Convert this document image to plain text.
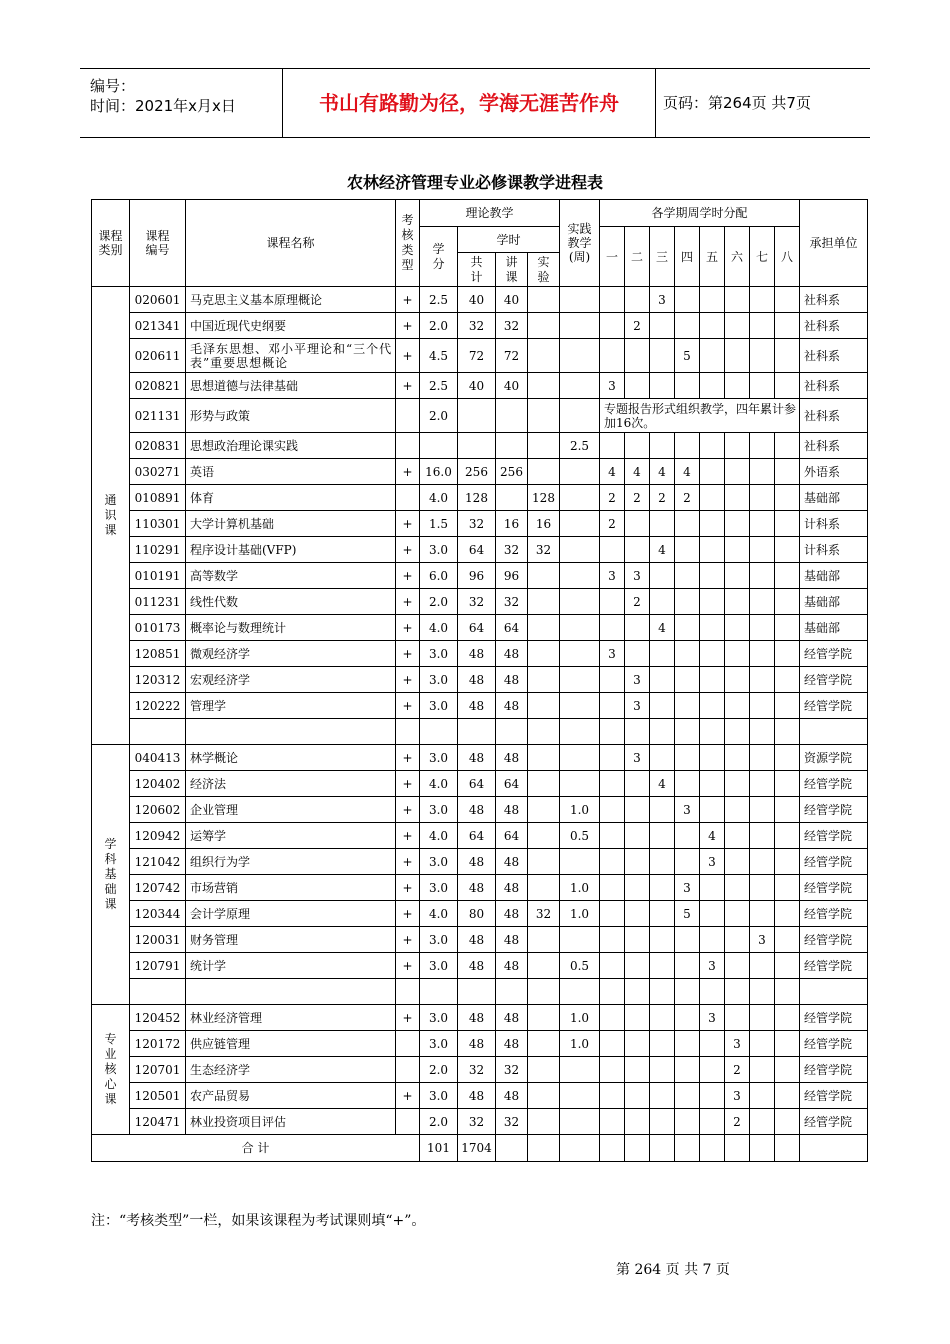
编号：
时间：2021年x月x日	书山有路勤为径，学海无涯苦作舟	页码：第264页 共7页
农林经济管理专业必修课教学进程表
课程类别	课程编号	课程名称	考核类型	理论教学				实践教学(周)	各学期周学时分配								承担单位
				学分	学时				一	二	三	四	五	六	七	八	
					共计	讲课	实验										
通识课	020601	马克思主义基本原理概论	+	2.5	40	40					3						社科系
	021341	中国近现代史纲要	+	2.0	32	32				2							社科系
	020611	毛泽东思想、邓小平理论和“三个代表”重要思想概论	+	4.5	72	72						5					社科系
	020821	思想道德与法律基础	+	2.5	40	40			3								社科系
	021131	形势与政策		2.0					专题报告形式组织教学，四年累计参加16次。								社科系
	020831	思想政治理论课实践						2.5									社科系
	030271	英语	+	16.0	256	256			4	4	4	4					外语系
	010891	体育		4.0	128		128		2	2	2	2					基础部
	110301	大学计算机基础	+	1.5	32	16	16		2								计科系
	110291	程序设计基础(VFP)	+	3.0	64	32	32				4						计科系
	010191	高等数学	+	6.0	96	96			3	3							基础部
	011231	线性代数	+	2.0	32	32				2							基础部
	010173	概率论与数理统计	+	4.0	64	64					4						基础部
	120851	微观经济学	+	3.0	48	48			3								经管学院
	120312	宏观经济学	+	3.0	48	48				3							经管学院
	120222	管理学	+	3.0	48	48				3							经管学院

学科基础课	040413	林学概论	+	3.0	48	48				3							资源学院
	120402	经济法	+	4.0	64	64					4						经管学院
	120602	企业管理	+	3.0	48	48		1.0				3					经管学院
	120942	运筹学	+	4.0	64	64		0.5					4				经管学院
	121042	组织行为学	+	3.0	48	48							3				经管学院
	120742	市场营销	+	3.0	48	48		1.0				3					经管学院
	120344	会计学原理	+	4.0	80	48	32	1.0				5					经管学院
	120031	财务管理	+	3.0	48	48									3		经管学院
	120791	统计学	+	3.0	48	48		0.5					3				经管学院

专业核心课	120452	林业经济管理	+	3.0	48	48		1.0					3				经管学院
	120172	供应链管理		3.0	48	48		1.0						3			经管学院
	120701	生态经济学		2.0	32	32								2			经管学院
	120501	农产品贸易	+	3.0	48	48								3			经管学院
	120471	林业投资项目评估		2.0	32	32								2			经管学院
合 计				101	1704												
注：“考核类型”一栏，如果该课程为考试课则填“+”。
第 264 页 共 7 页
